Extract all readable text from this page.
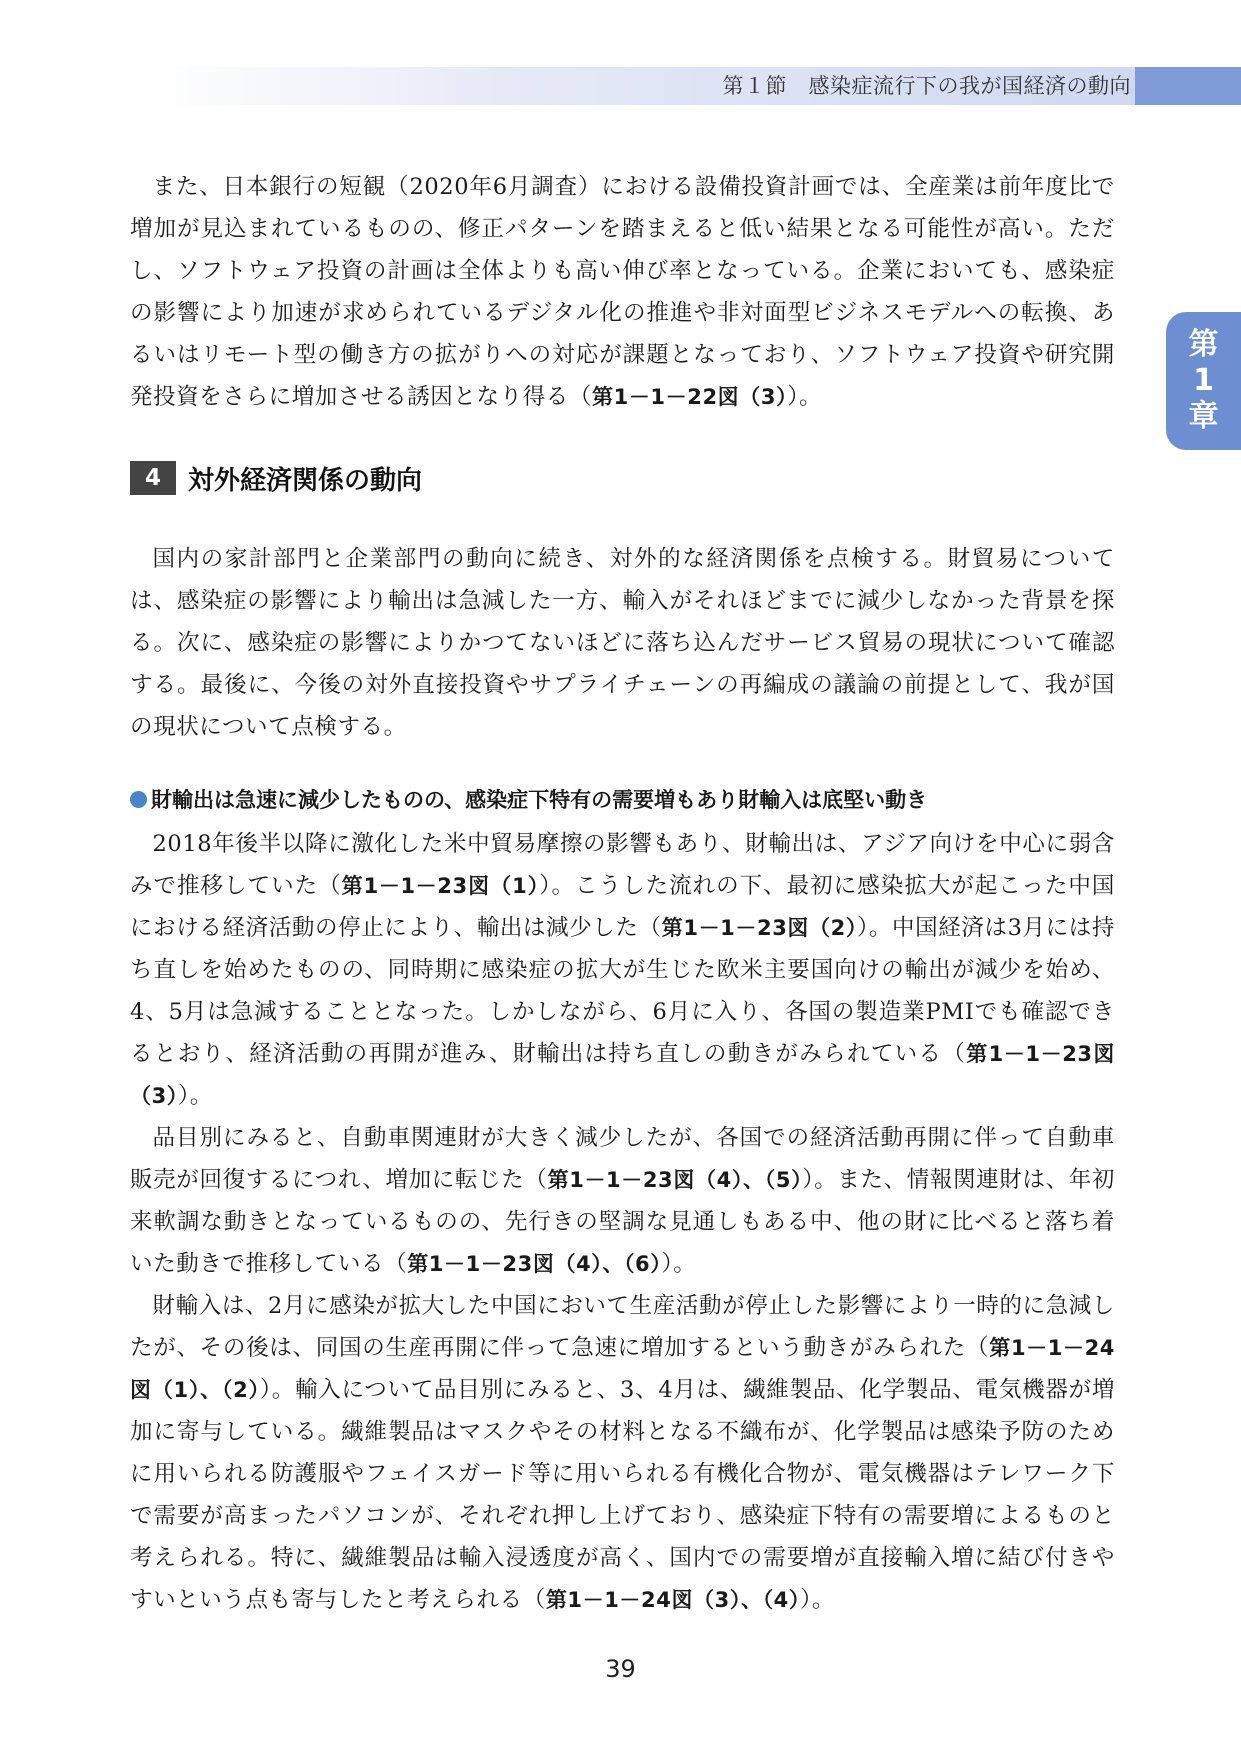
第１節　感染症流行下の我が国経済の動向
第
1
章

また、日本銀行の短観（2020年6月調査）における設備投資計画では、全産業は前年度比で増加が見込まれているものの、修正パターンを踏まえると低い結果となる可能性が高い。ただし、ソフトウェア投資の計画は全体よりも高い伸び率となっている。企業においても、感染症の影響により加速が求められているデジタル化の推進や非対面型ビジネスモデルへの転換、あるいはリモート型の働き方の拡がりへの対応が課題となっており、ソフトウェア投資や研究開発投資をさらに増加させる誘因となり得る（第1－1－22図（3））。

4	対外経済関係の動向

国内の家計部門と企業部門の動向に続き、対外的な経済関係を点検する。財貿易については、感染症の影響により輸出は急減した一方、輸入がそれほどまでに減少しなかった背景を探る。次に、感染症の影響によりかつてないほどに落ち込んだサービス貿易の現状について確認する。最後に、今後の対外直接投資やサプライチェーンの再編成の議論の前提として、我が国の現状について点検する。

財輸出は急速に減少したものの、感染症下特有の需要増もあり財輸入は底堅い動き

2018年後半以降に激化した米中貿易摩擦の影響もあり、財輸出は、アジア向けを中心に弱含みで推移していた（第1－1－23図（1））。こうした流れの下、最初に感染拡大が起こった中国における経済活動の停止により、輸出は減少した（第1－1－23図（2））。中国経済は3月には持ち直しを始めたものの、同時期に感染症の拡大が生じた欧米主要国向けの輸出が減少を始め、4、5月は急減することとなった。しかしながら、6月に入り、各国の製造業PMIでも確認できるとおり、経済活動の再開が進み、財輸出は持ち直しの動きがみられている（第1－1－23図（3））。

品目別にみると、自動車関連財が大きく減少したが、各国での経済活動再開に伴って自動車販売が回復するにつれ、増加に転じた（第1－1－23図（4）、（5））。また、情報関連財は、年初来軟調な動きとなっているものの、先行きの堅調な見通しもある中、他の財に比べると落ち着いた動きで推移している（第1－1－23図（4）、（6））。

財輸入は、2月に感染が拡大した中国において生産活動が停止した影響により一時的に急減したが、その後は、同国の生産再開に伴って急速に増加するという動きがみられた（第1－1－24図（1）、（2））。輸入について品目別にみると、3、4月は、繊維製品、化学製品、電気機器が増加に寄与している。繊維製品はマスクやその材料となる不織布が、化学製品は感染予防のために用いられる防護服やフェイスガード等に用いられる有機化合物が、電気機器はテレワーク下で需要が高まったパソコンが、それぞれ押し上げており、感染症下特有の需要増によるものと考えられる。特に、繊維製品は輸入浸透度が高く、国内での需要増が直接輸入増に結び付きやすいという点も寄与したと考えられる（第1－1－24図（3）、（4））。

39
